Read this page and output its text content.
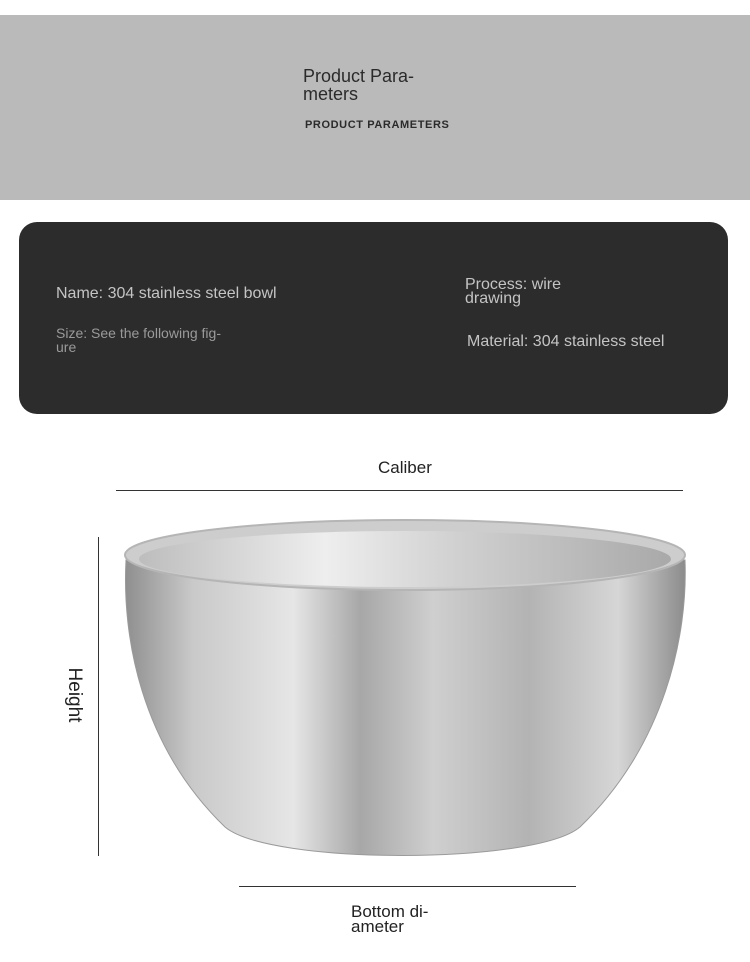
Product Para-
meters
PRODUCT PARAMETERS
Name: 304 stainless steel bowl
Size: See the following fig-
ure
Process: wire
drawing
Material: 304 stainless steel
Caliber
Height
Bottom di-
ameter
